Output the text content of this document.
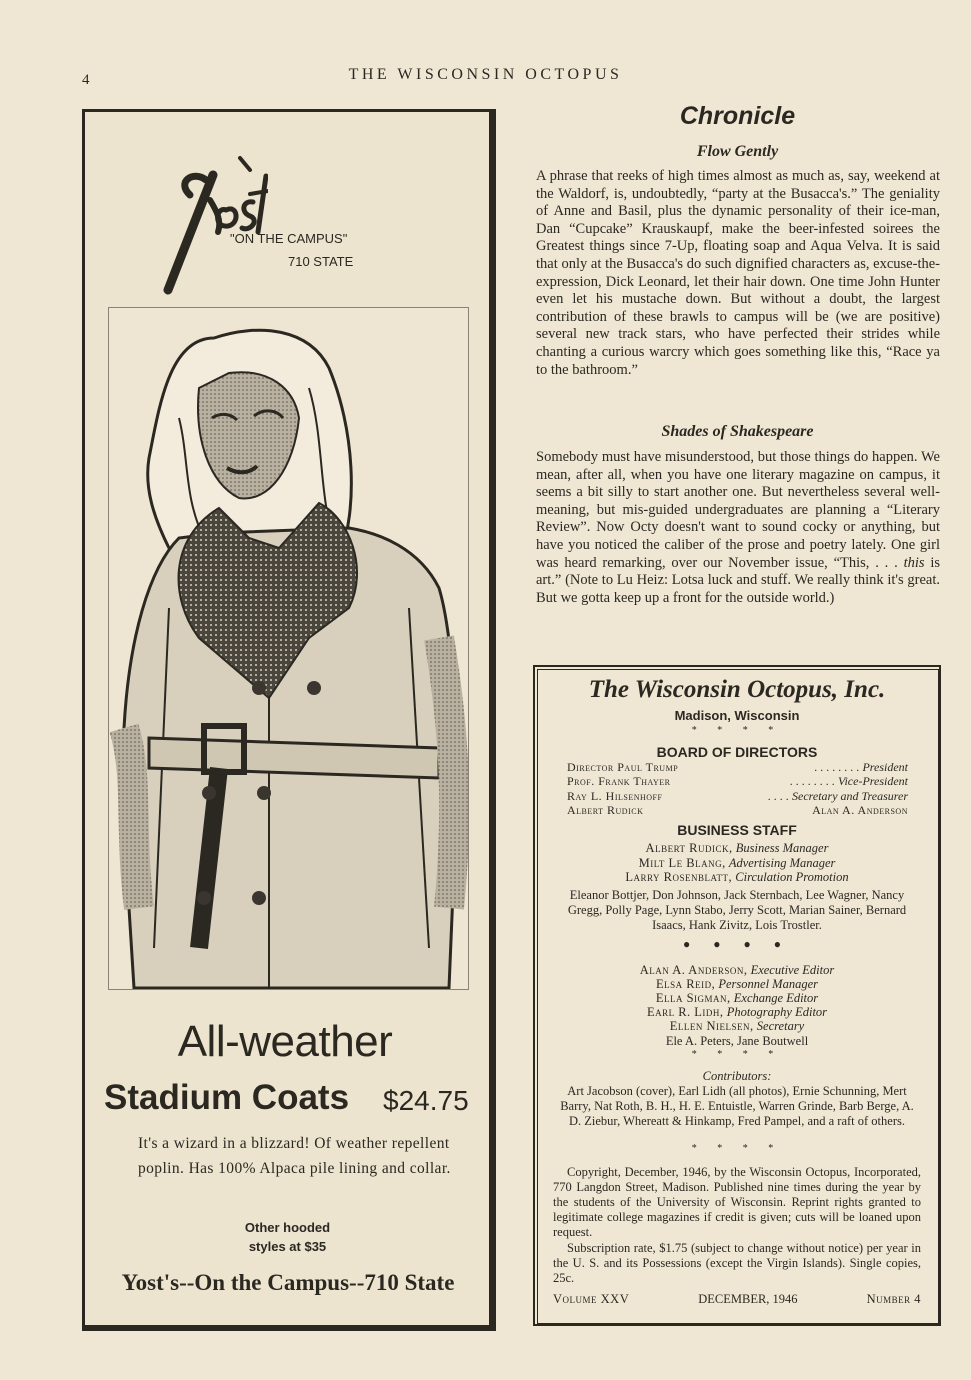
4	THE WISCONSIN OCTOPUS
"ON THE CAMPUS"
710 STATE
All-weather
Stadium Coats $24.75
It's a wizard in a blizzard! Of weather repellent poplin. Has 100% Alpaca pile lining and collar.
Other hooded
styles at $35
Yost's--On the Campus--710 State
Chronicle
Flow Gently

A phrase that reeks of high times almost as much as, say, weekend at the Waldorf, is, undoubtedly, “party at the Busacca's.” The geniality of Anne and Basil, plus the dynamic personality of their ice-man, Dan “Cupcake” Krauskaupf, make the beer-infested soirees the Greatest things since 7-Up, floating soap and Aqua Velva. It is said that only at the Busacca's do such dignified characters as, excuse-the-expression, Dick Leonard, let their hair down. One time John Hunter even let his mustache down. But without a doubt, the largest contribution of these brawls to campus will be (we are positive) several new track stars, who have perfected their strides while chanting a curious warcry which goes something like this, “Race ya to the bathroom.”

Shades of Shakespeare

Somebody must have misunderstood, but those things do happen. We mean, after all, when you have one literary magazine on campus, it seems a bit silly to start another one. But nevertheless several well-meaning, but mis-guided undergraduates are planning a “Literary Review”. Now Octy doesn't want to sound cocky or anything, but have you noticed the caliber of the prose and poetry lately. One girl was heard remarking, over our November issue, “This, . . . this is art.” (Note to Lu Heiz: Lotsa luck and stuff. We really think it's great. But we gotta keep up a front for the outside world.)

The Wisconsin Octopus, Inc.
Madison, Wisconsin
* * * *
BOARD OF DIRECTORS
Director Paul Trump	. . . . . . . . President
Prof. Frank Thayer	. . . . . . . . Vice-President
Ray L. Hilsenhoff	. . . . Secretary and Treasurer
Albert Rudick	Alan A. Anderson
BUSINESS STAFF
Albert Rudick, Business Manager
Milt Le Blang, Advertising Manager
Larry Rosenblatt, Circulation Promotion
Eleanor Bottjer, Don Johnson, Jack Sternbach, Lee Wagner, Nancy Gregg, Polly Page, Lynn Stabo, Jerry Scott, Marian Sainer, Bernard Isaacs, Hank Zivitz, Lois Trostler.
● ● ● ●
Alan A. Anderson, Executive Editor
Elsa Reid, Personnel Manager
Ella Sigman, Exchange Editor
Earl R. Lidh, Photography Editor
Ellen Nielsen, Secretary
Ele A. Peters, Jane Boutwell
* * * *
Contributors:
Art Jacobson (cover), Earl Lidh (all photos), Ernie Schunning, Mert Barry, Nat Roth, B. H., H. E. Entuistle, Warren Grinde, Barb Berge, A. D. Ziebur, Whereatt & Hinkamp, Fred Pampel, and a raft of others.
* * * *

Copyright, December, 1946, by the Wisconsin Octopus, Incorporated, 770 Langdon Street, Madison. Published nine times during the year by the students of the University of Wisconsin. Reprint rights granted to legitimate college magazines if credit is given; cuts will be loaned upon request.

Subscription rate, $1.75 (subject to change without notice) per year in the U. S. and its Possessions (except the Virgin Islands). Single copies, 25c.

Volume XXV	DECEMBER, 1946	Number 4
